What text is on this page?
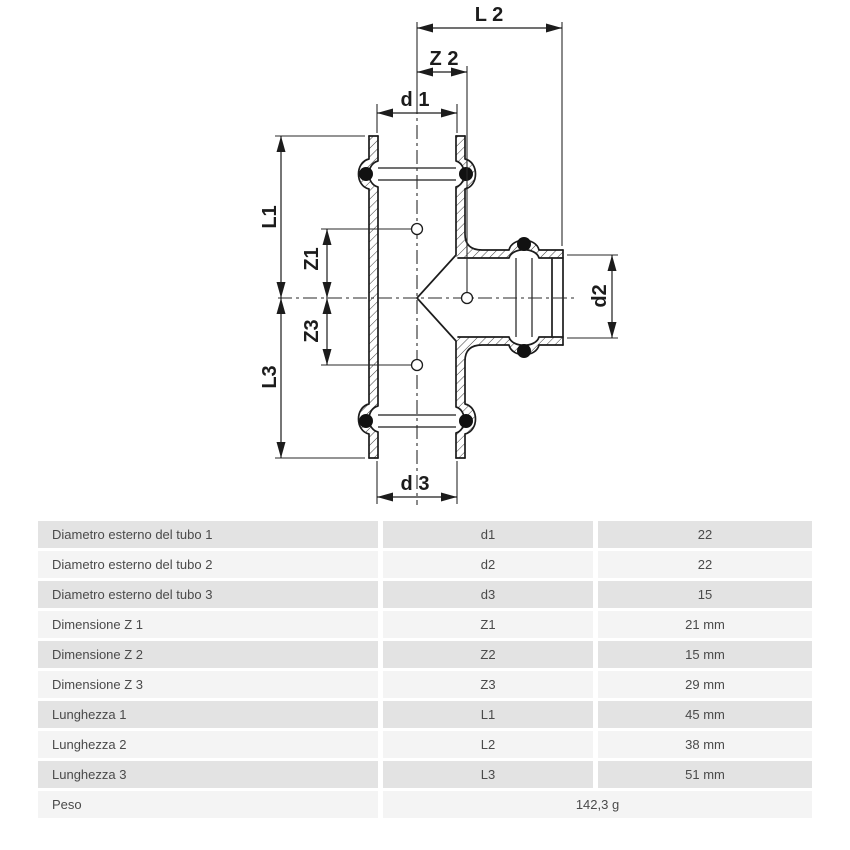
L 2
Z 2
d 1
d 3
L1
Z1
Z3
L3
d2
Diametro esterno del tubo 1	d1	22
Diametro esterno del tubo 2	d2	22
Diametro esterno del tubo 3	d3	15
Dimensione Z 1	Z1	21 mm
Dimensione Z 2	Z2	15 mm
Dimensione Z 3	Z3	29 mm
Lunghezza 1	L1	45 mm
Lunghezza 2	L2	38 mm
Lunghezza 3	L3	51 mm
Peso	142,3 g
